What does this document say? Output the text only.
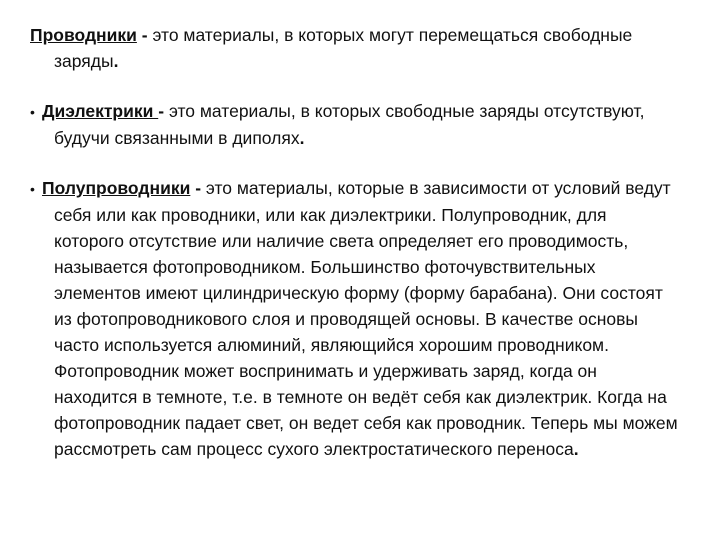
Проводники - это материалы, в которых могут перемещаться свободные заряды.

• Диэлектрики - это материалы, в которых свободные заряды отсутствуют, будучи связанными в диполях.

• Полупроводники - это материалы, которые в зависимости от условий ведут себя или как проводники, или как диэлектрики. Полупроводник, для которого отсутствие или наличие света определяет его проводимость, называется фотопроводником. Большинство фоточувствительных элементов имеют цилиндрическую форму (форму барабана). Они состоят из фотопроводникового слоя и проводящей основы. В качестве основы часто используется алюминий, являющийся хорошим проводником. Фотопроводник может воспринимать и удерживать заряд, когда он находится в темноте, т.е. в темноте он ведёт себя как диэлектрик. Когда на фотопроводник падает свет, он ведет себя как проводник. Теперь мы можем рассмотреть сам процесс сухого электростатического переноса.
